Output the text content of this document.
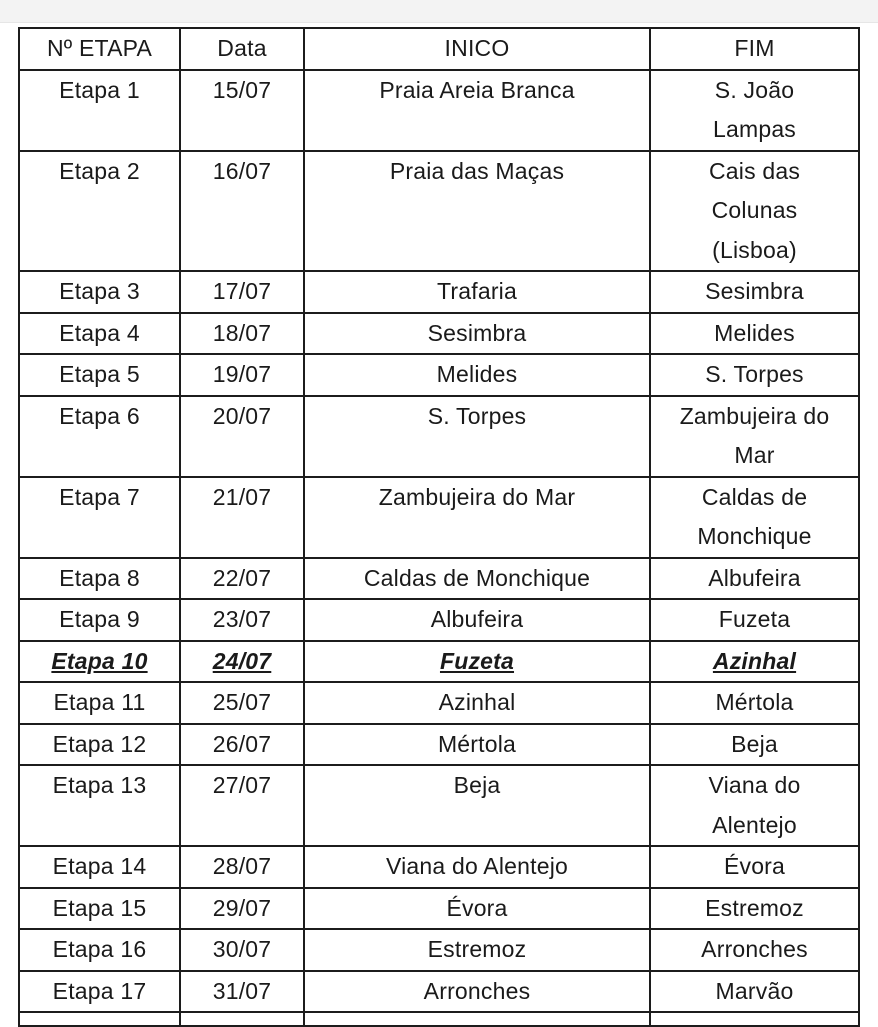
Nº ETAPA	Data	INICO	FIM
Etapa 1	15/07	Praia Areia Branca	S. João
Lampas

Etapa 2	16/07	Praia das Maças	Cais das
Colunas
(Lisboa)

Etapa 3	17/07	Trafaria	Sesimbra

Etapa 4	18/07	Sesimbra	Melides

Etapa 5	19/07	Melides	S. Torpes

Etapa 6	20/07	S. Torpes	Zambujeira do
Mar

Etapa 7	21/07	Zambujeira do Mar	Caldas de
Monchique

Etapa 8	22/07	Caldas de Monchique	Albufeira

Etapa 9	23/07	Albufeira	Fuzeta

Etapa 10	24/07	Fuzeta	Azinhal

Etapa 11	25/07	Azinhal	Mértola

Etapa 12	26/07	Mértola	Beja

Etapa 13	27/07	Beja	Viana do
Alentejo

Etapa 14	28/07	Viana do Alentejo	Évora

Etapa 15	29/07	Évora	Estremoz

Etapa 16	30/07	Estremoz	Arronches

Etapa 17	31/07	Arronches	Marvão
